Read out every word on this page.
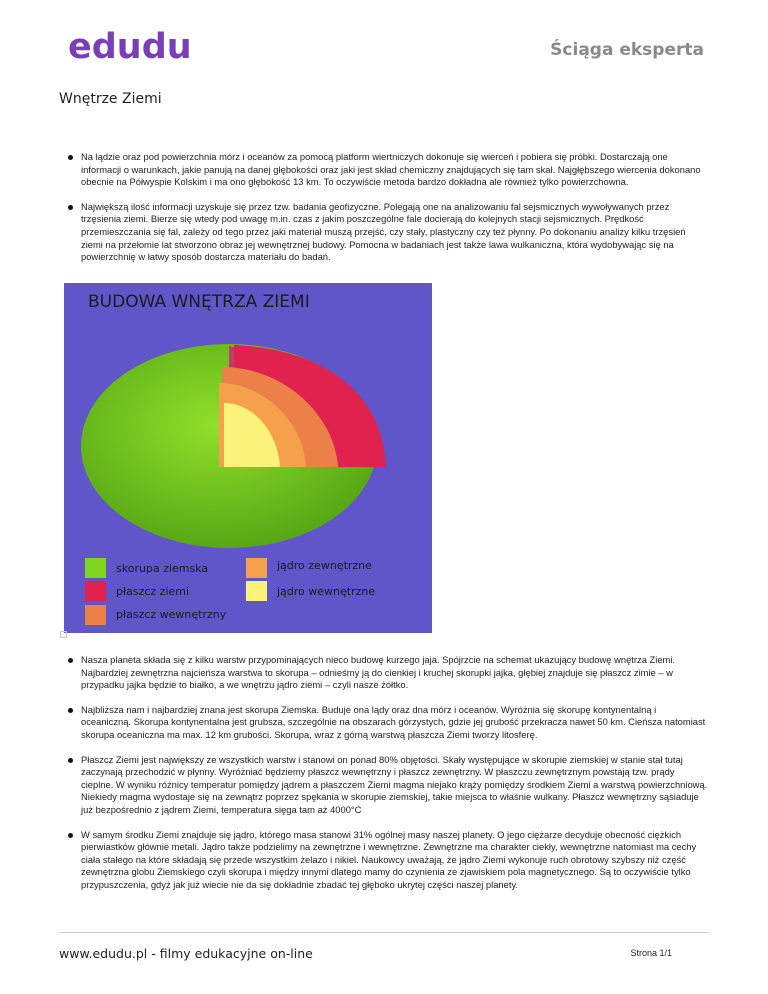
edudu	Ściąga eksperta
Wnętrze Ziemi
Na lądzie oraz pod powierzchnia mórz i oceanów za pomocą platform wiertniczych dokonuje się wierceń i pobiera się próbki. Dostarczają one informacji o warunkach, jakie panują na danej głębokości oraz jaki jest skład chemiczny znajdujących się tam skał. Najgłębszego wiercenia dokonano obecnie na Półwyspie Kolskim i ma ono głębokość 13 km. To oczywiście metoda bardzo dokładna ale również tylko powierzchowna.
Największą ilość informacji uzyskuje się przez tzw. badania geofizyczne. Polegają one na analizowaniu fal sejsmicznych wywoływanych przez trzęsienia ziemi. Bierze się wtedy pod uwagę m.in. czas z jakim poszczególne fale docierają do kolejnych stacji sejsmicznych. Prędkość przemieszczania się fal, zależy od tego przez jaki materiał muszą przejść, czy stały, plastyczny czy też płynny. Po dokonaniu analizy kilku trzęsień ziemi na przełomie lat stworzono obraz jej wewnętrznej budowy. Pomocna w badaniach jest także lawa wulkaniczna, która wydobywając się na powierzchnię w łatwy sposób dostarcza materiału do badań.
BUDOWA WNĘTRZA ZIEMI
skorupa ziemska	jądro zewnętrzne
płaszcz ziemi	jądro wewnętrzne
płaszcz wewnętrzny
Nasza planeta składa się z kilku warstw przypominających nieco budowę kurzego jaja. Spójrzcie na schemat ukazujący budowę wnętrza Ziemi. Najbardziej zewnętrzna najcieńsza warstwa to skorupa – odnieśmy ją do cienkiej i kruchej skorupki jajka, głębiej znajduje się płaszcz zimie – w przypadku jajka będzie to białko, a we wnętrzu jądro ziemi – czyli nasze żółtko.
Najbliższa nam i najbardziej znana jest skorupa Ziemska. Buduje ona lądy oraz dna mórz i oceanów. Wyróżnia się skorupę kontynentalną i oceaniczną. Skorupa kontynentalna jest grubsza, szczególnie na obszarach górzystych, gdzie jej grubość przekracza nawet 50 km. Cieńsza natomiast skorupa oceaniczna ma max. 12 km grubości. Skorupa, wraz z górną warstwą płaszcza Ziemi tworzy litosferę.
Płaszcz Ziemi jest największy ze wszystkich warstw i stanowi on ponad 80% objętości. Skały występujące w skorupie ziemskiej w stanie stał tutaj zaczynają przechodzić w płynny. Wyróżniać będziemy płaszcz wewnętrzny i płaszcz zewnętrzny. W płaszczu zewnętrznym powstają tzw. prądy cieplne. W wyniku różnicy temperatur pomiędzy jądrem a płaszczem Ziemi magma niejako krąży pomiędzy środkiem Ziemi a warstwą powierzchniową. Niekiedy magma wydostaje się na zewnątrz poprzez spękania w skorupie ziemskiej, takie miejsca to właśnie wulkany. Płaszcz wewnętrzny sąsiaduje już bezpośrednio z jądrem Ziemi, temperatura sięga tam aż 4000°C
W samym środku Ziemi znajduje się jądro, którego masa stanowi 31% ogólnej masy naszej planety. O jego ciężarze decyduje obecność ciężkich pierwiastków głównie metali. Jądro także podzielimy na zewnętrzne i wewnętrzne. Zewnętrzne ma charakter ciekły, wewnętrzne natomiast ma cechy ciała stałego na które składają się przede wszystkim żelazo i nikiel. Naukowcy uważają, że jądro Ziemi wykonuje ruch obrotowy szybszy niż część zewnętrzna globu Ziemskiego czyli skorupa i między innymi dlatego mamy do czynienia ze zjawiskiem pola magnetycznego. Są to oczywiście tylko przypuszczenia, gdyż jak już wiecie nie da się dokładnie zbadać tej głęboko ukrytej części naszej planety.
www.edudu.pl - filmy edukacyjne on-line	Strona 1/1
